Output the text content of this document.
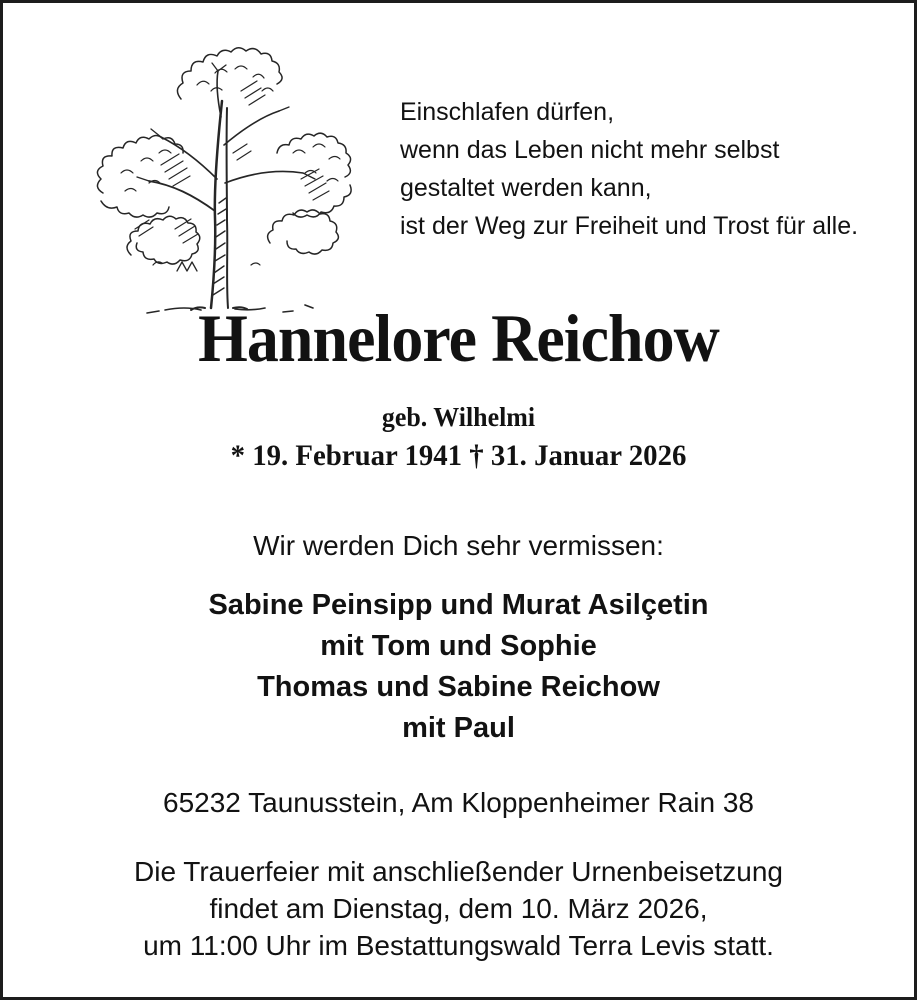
Einschlafen dürfen,
wenn das Leben nicht mehr selbst
gestaltet werden kann,
ist der Weg zur Freiheit und Trost für alle.
Hannelore Reichow
geb. Wilhelmi
* 19. Februar 1941 † 31. Januar 2026
Wir werden Dich sehr vermissen:
Sabine Peinsipp und Murat Asilçetin
mit Tom und Sophie
Thomas und Sabine Reichow
mit Paul
65232 Taunusstein, Am Kloppenheimer Rain 38
Die Trauerfeier mit anschließender Urnenbeisetzung
findet am Dienstag, dem 10. März 2026,
um 11:00 Uhr im Bestattungswald Terra Levis statt.
